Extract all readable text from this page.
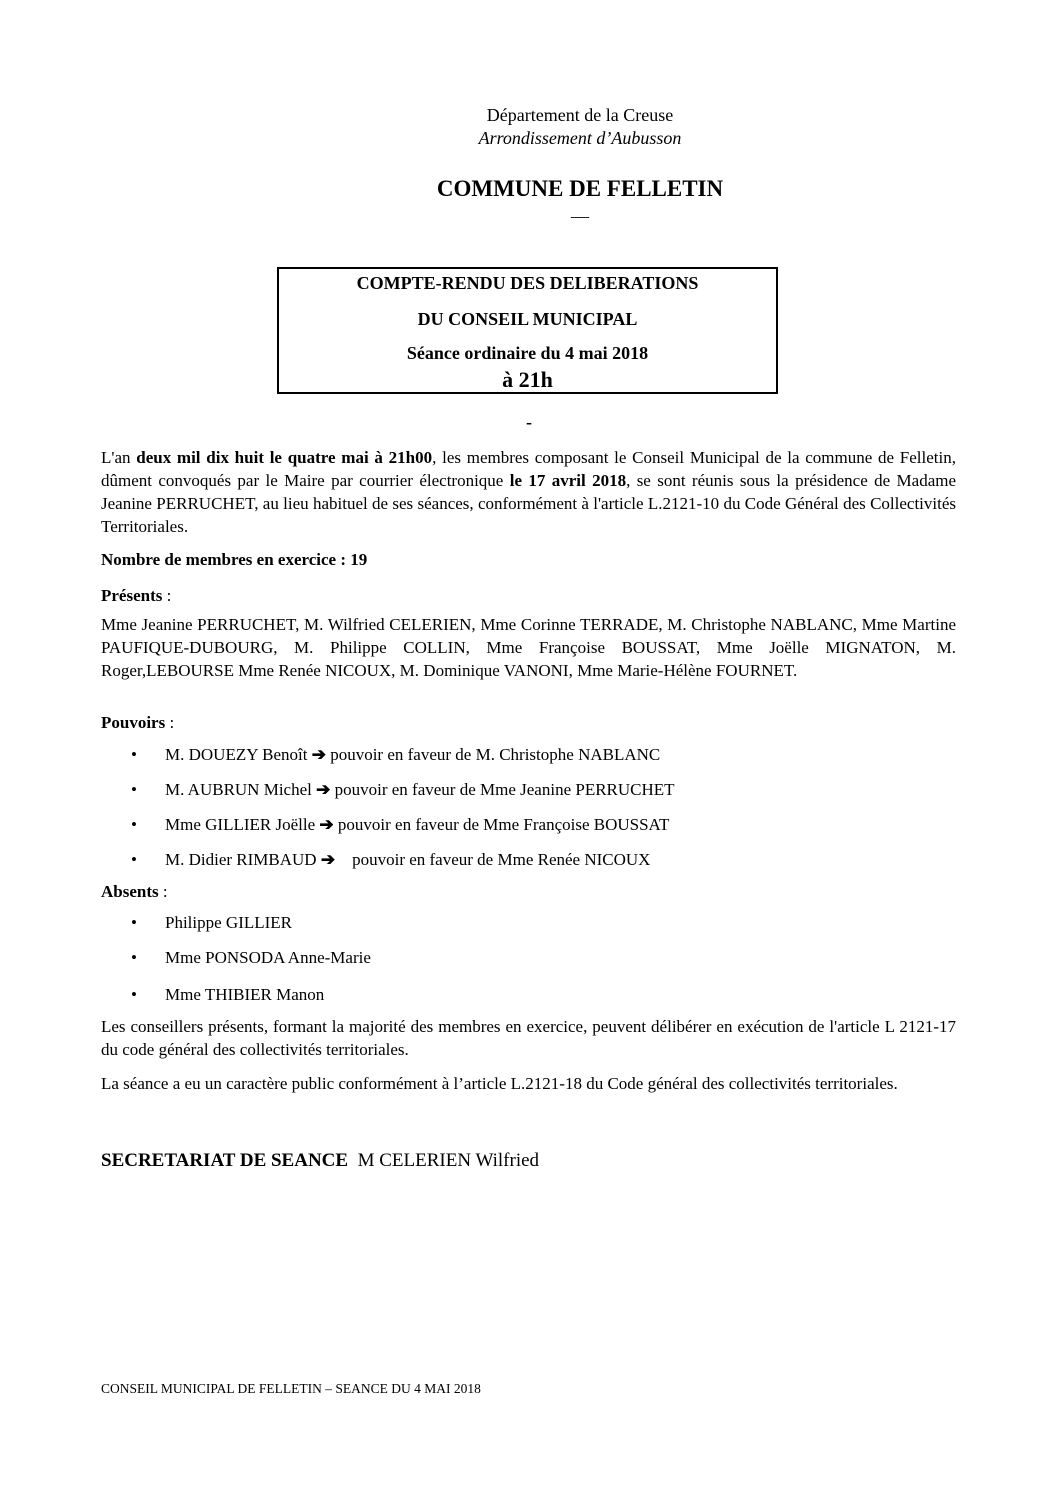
Département de la Creuse
Arrondissement d’Aubusson
COMMUNE DE FELLETIN
—
COMPTE-RENDU DES DELIBERATIONS
DU CONSEIL MUNICIPAL
Séance ordinaire du 4 mai 2018
à 21h
-
L'an deux mil dix huit le quatre mai à 21h00, les membres composant le Conseil Municipal de la commune de Felletin, dûment convoqués par le Maire par courrier électronique le 17 avril 2018, se sont réunis sous la présidence de Madame Jeanine PERRUCHET, au lieu habituel de ses séances, conformément à l'article L.2121-10 du Code Général des Collectivités Territoriales.
Nombre de membres en exercice : 19
Présents :
Mme Jeanine PERRUCHET, M. Wilfried CELERIEN, Mme Corinne TERRADE, M. Christophe NABLANC, Mme Martine PAUFIQUE-DUBOURG, M. Philippe COLLIN, Mme Françoise BOUSSAT, Mme Joëlle MIGNATON, M. Roger,LEBOURSE Mme Renée NICOUX, M. Dominique VANONI, Mme Marie-Hélène FOURNET.
Pouvoirs :
• M. DOUEZY Benoît ➔ pouvoir en faveur de M. Christophe NABLANC
• M. AUBRUN Michel ➔ pouvoir en faveur de Mme Jeanine PERRUCHET
• Mme GILLIER Joëlle ➔ pouvoir en faveur de Mme Françoise BOUSSAT
• M. Didier RIMBAUD ➔ pouvoir en faveur de Mme Renée NICOUX
Absents :
• Philippe GILLIER
• Mme PONSODA Anne-Marie
• Mme THIBIER Manon
Les conseillers présents, formant la majorité des membres en exercice, peuvent délibérer en exécution de l'article L 2121-17 du code général des collectivités territoriales.
La séance a eu un caractère public conformément à l’article L.2121-18 du Code général des collectivités territoriales.
SECRETARIAT DE SEANCE M CELERIEN Wilfried
CONSEIL MUNICIPAL DE FELLETIN – SEANCE DU 4 MAI 2018
